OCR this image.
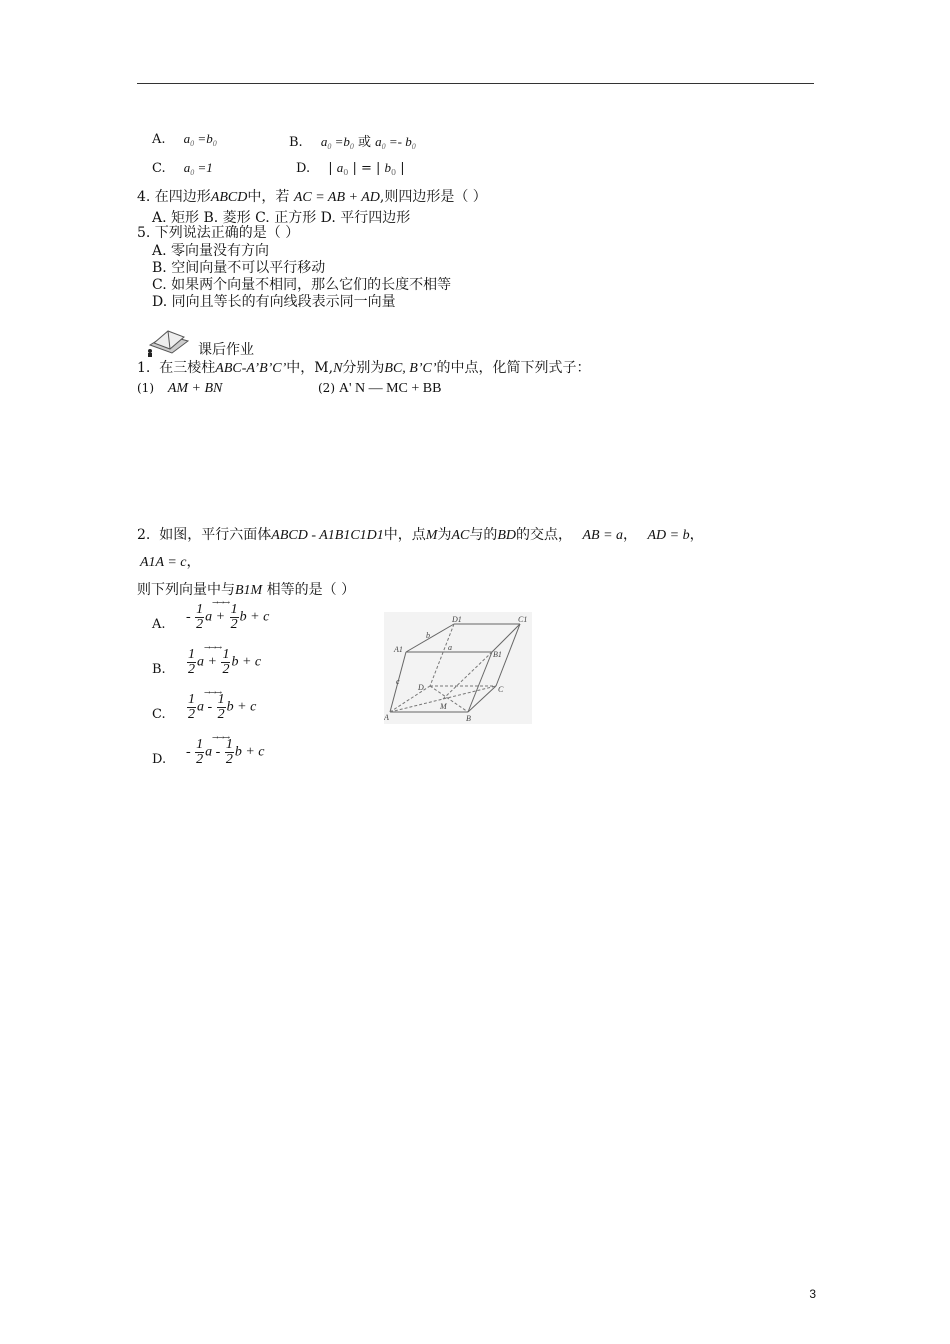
A. $a_0 =b_0$	B. $a_0 =b_0$ 或 $a_0 =- b_0$
C. $a_0 =1$	D. | $a_0$ | = | $b_0$ |
4. 在四边形ABCD中，若 AC = AB + AD,则四边形是（ ）
A. 矩形 B. 菱形 C. 正方形 D. 平行四边形
5. 下列说法正确的是（ ）
A. 零向量没有方向
B. 空间向量不可以平行移动
C. 如果两个向量不相同，那么它们的长度不相等
D. 同向且等长的有向线段表示同一向量
课后作业
1. 在三棱柱ABC-A’B’C’中，M,N分别为BC, B’C’的中点，化简下列式子：
(1) AM + BN	(2) A' N — MC + BB
2. 如图，平行六面体ABCD - A1B1C1D1中，点M为AC与的BD的交点， AB = a， AD = b，
A1A = c，
则下列向量中与B1M 相等的是（ ）
A. - $\frac{1}{2}$ $a + \frac{1}{2}$ b + c
→→→
B. $\frac{1}{2}$ $a + \frac{1}{2}$ b + c
→→→
C. $\frac{1}{2}$ a - $\frac{1}{2}$ b + c
→→→
D. - $\frac{1}{2}$ a - $\frac{1}{2}$ b + c
→→→
D1	C1
A1
B1
b
a
c
D	C
A
M
B
3
